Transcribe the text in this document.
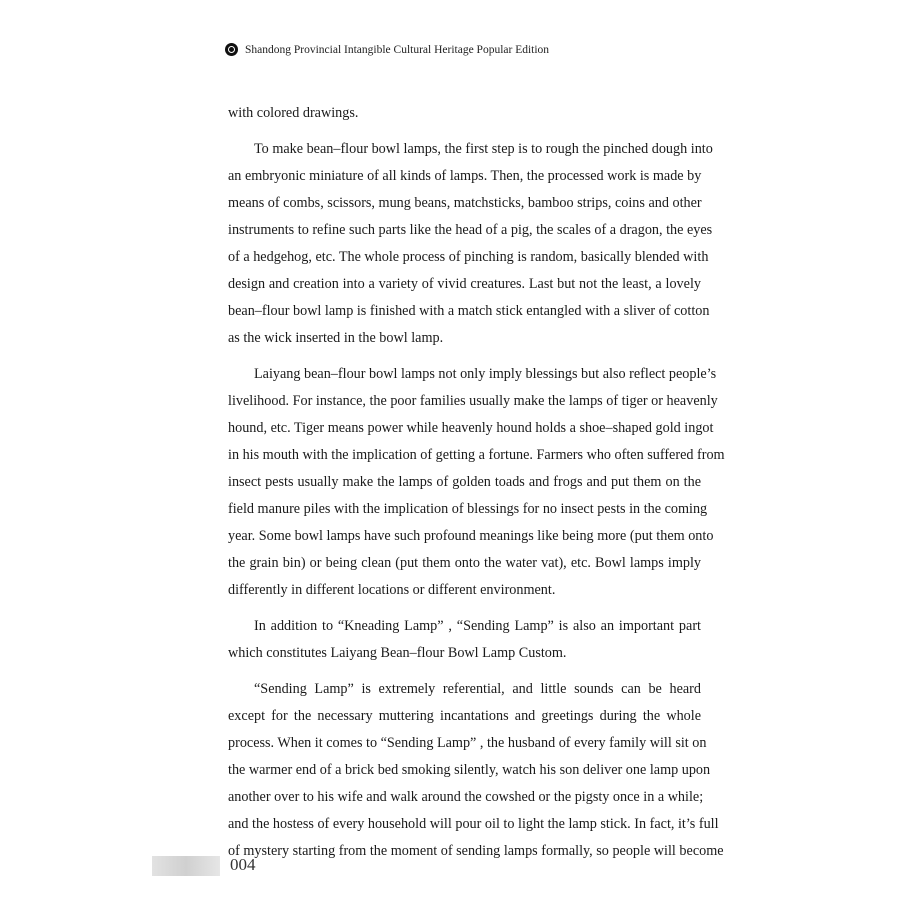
Shandong Provincial Intangible Cultural Heritage Popular Edition
with colored drawings.
To make bean–flour bowl lamps, the first step is to rough the pinched dough into
an embryonic miniature of all kinds of lamps. Then, the processed work is made by
means of combs, scissors, mung beans, matchsticks, bamboo strips, coins and other
instruments to refine such parts like the head of a pig, the scales of a dragon, the eyes
of a hedgehog, etc. The whole process of pinching is random, basically blended with
design and creation into a variety of vivid creatures. Last but not the least, a lovely
bean–flour bowl lamp is finished with a match stick entangled with a sliver of cotton
as the wick inserted in the bowl lamp.
Laiyang bean–flour bowl lamps not only imply blessings but also reflect people’s
livelihood. For instance, the poor families usually make the lamps of tiger or heavenly
hound, etc. Tiger means power while heavenly hound holds a shoe–shaped gold ingot
in his mouth with the implication of getting a fortune. Farmers who often suffered from
insect pests usually make the lamps of golden toads and frogs and put them on the
field manure piles with the implication of blessings for no insect pests in the coming
year. Some bowl lamps have such profound meanings like being more (put them onto
the grain bin) or being clean (put them onto the water vat), etc. Bowl lamps imply
differently in different locations or different environment.
In addition to “Kneading Lamp” , “Sending Lamp” is also an important part
which constitutes Laiyang Bean–flour Bowl Lamp Custom.
“Sending Lamp” is extremely referential, and little sounds can be heard
except for the necessary muttering incantations and greetings during the whole
process. When it comes to “Sending Lamp” , the husband of every family will sit on
the warmer end of a brick bed smoking silently, watch his son deliver one lamp upon
another over to his wife and walk around the cowshed or the pigsty once in a while;
and the hostess of every household will pour oil to light the lamp stick. In fact, it’s full
of mystery starting from the moment of sending lamps formally, so people will become
004
